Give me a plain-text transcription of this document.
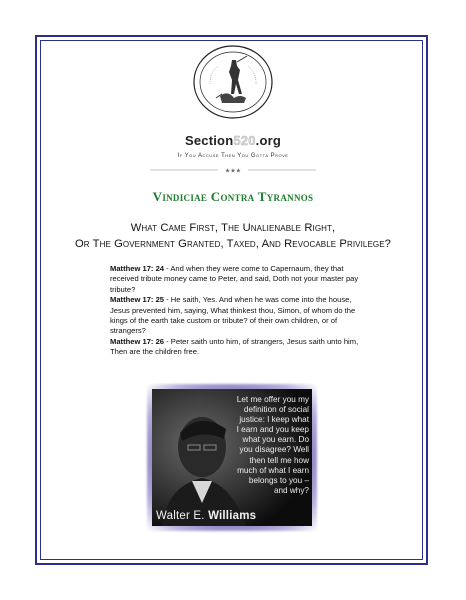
Section520.org
If You Accuse Then You Gotta Prove
★★★
Vindiciae Contra Tyrannos
What Came First, The Unalienable Right,
Or The Government Granted, Taxed, And Revocable Privilege?

Matthew 17: 24 - And when they were come to Capernaum, they that received tribute money came to Peter, and said, Doth not your master pay tribute?

Matthew 17: 25 - He saith, Yes. And when he was come into the house, Jesus prevented him, saying, What thinkest thou, Simon, of whom do the kings of the earth take custom or tribute? of their own children, or of strangers?

Matthew 17: 26 - Peter saith unto him, of strangers, Jesus saith unto him, Then are the children free.

Let me offer you my definition of social justice: I keep what I earn and you keep what you earn. Do you disagree? Well then tell me how much of what I earn belongs to you – and why?
Walter E. Williams
